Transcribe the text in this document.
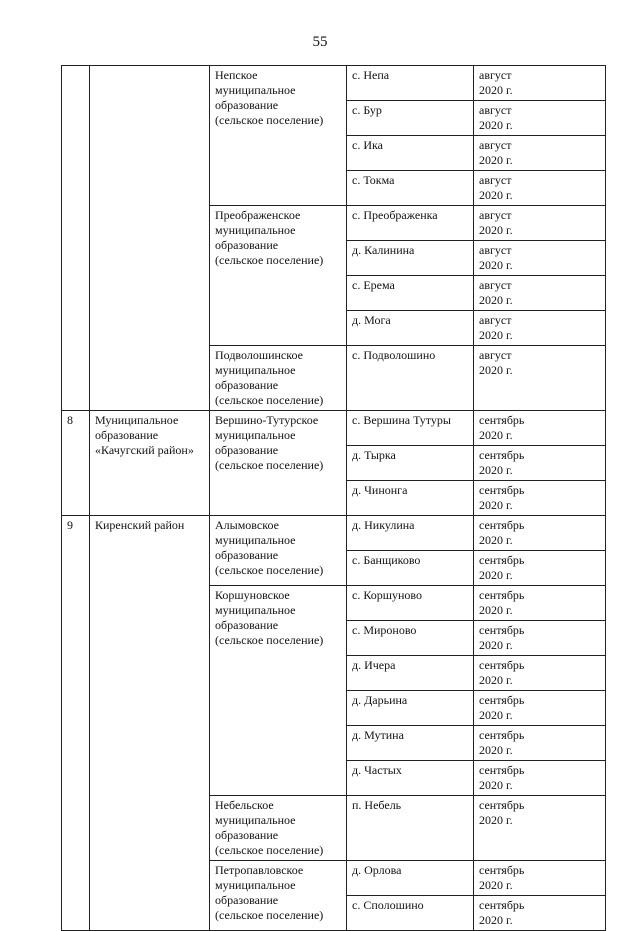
55

		Непское
муниципальное
образование
(сельское поселение)	с. Непа	август
2020 г.

			с. Бур	август
2020 г.

			с. Ика	август
2020 г.

			с. Токма	август
2020 г.

		Преображенское
муниципальное
образование
(сельское поселение)	с. Преображенка	август
2020 г.

			д. Калинина	август
2020 г.

			с. Ерема	август
2020 г.

			д. Мога	август
2020 г.

		Подволошинское
муниципальное
образование
(сельское поселение)	с. Подволошино	август
2020 г.

8	Муниципальное
образование
«Качугский район»	Вершино-Тутурское
муниципальное
образование
(сельское поселение)	с. Вершина Тутуры	сентябрь
2020 г.

			д. Тырка	сентябрь
2020 г.

			д. Чинонга	сентябрь
2020 г.

9	Киренский район	Алымовское
муниципальное
образование
(сельское поселение)	д. Никулина	сентябрь
2020 г.

			с. Банщиково	сентябрь
2020 г.

		Коршуновское
муниципальное
образование
(сельское поселение)	с. Коршуново	сентябрь
2020 г.

			с. Мироново	сентябрь
2020 г.

			д. Ичера	сентябрь
2020 г.

			д. Дарьина	сентябрь
2020 г.

			д. Мутина	сентябрь
2020 г.

			д. Частых	сентябрь
2020 г.

		Небельское
муниципальное
образование
(сельское поселение)	п. Небель	сентябрь
2020 г.

		Петропавловское
муниципальное
образование
(сельское поселение)	д. Орлова	сентябрь
2020 г.

			с. Сполошино	сентябрь
2020 г.
